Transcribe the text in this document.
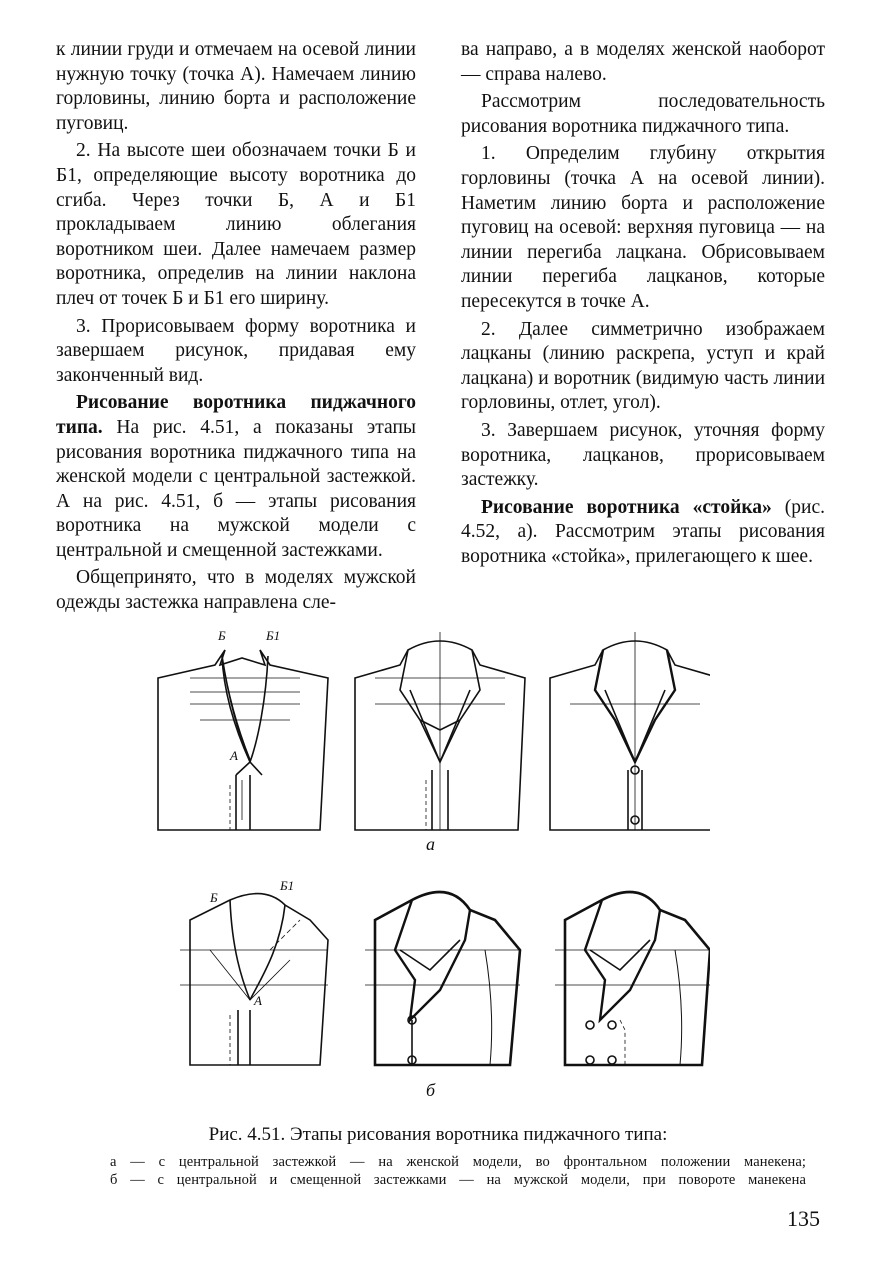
к линии груди и отмечаем на осевой линии нужную точку (точка А). Намечаем линию горловины, линию борта и расположение пуговиц.

2. На высоте шеи обозначаем точки Б и Б1, определяющие высоту воротника до сгиба. Через точки Б, А и Б1 прокладываем линию облегания воротником шеи. Далее намечаем размер воротника, определив на линии наклона плеч от точек Б и Б1 его ширину.

3. Прорисовываем форму воротника и завершаем рисунок, придавая ему законченный вид.

Рисование воротника пиджачного типа. На рис. 4.51, а показаны этапы рисования воротника пиджачного типа на женской модели с центральной застежкой. А на рис. 4.51, б — этапы рисования воротника на мужской модели с центральной и смещенной застежками.

Общепринято, что в моделях мужской одежды застежка направлена сле-

ва направо, а в моделях женской наоборот — справа налево.

Рассмотрим последовательность рисования воротника пиджачного типа.

1. Определим глубину открытия горловины (точка А на осевой линии). Наметим линию борта и расположение пуговиц на осевой: верхняя пуговица — на линии перегиба лацкана. Обрисовываем линии перегиба лацканов, которые пересекутся в точке А.

2. Далее симметрично изображаем лацканы (линию раскрепа, уступ и край лацкана) и воротник (видимую часть линии горловины, отлет, угол).

3. Завершаем рисунок, уточняя форму воротника, лацканов, прорисовываем застежку.

Рисование воротника «стойка» (рис. 4.52, а). Рассмотрим этапы рисования воротника «стойка», прилегающего к шее.

Б	Б1
А
Б
Б1
А
а
б
Рис. 4.51. Этапы рисования воротника пиджачного типа:
а — с центральной застежкой — на женской модели, во фронтальном положении манекена;
б — с центральной и смещенной застежками — на мужской модели, при повороте манекена
135
